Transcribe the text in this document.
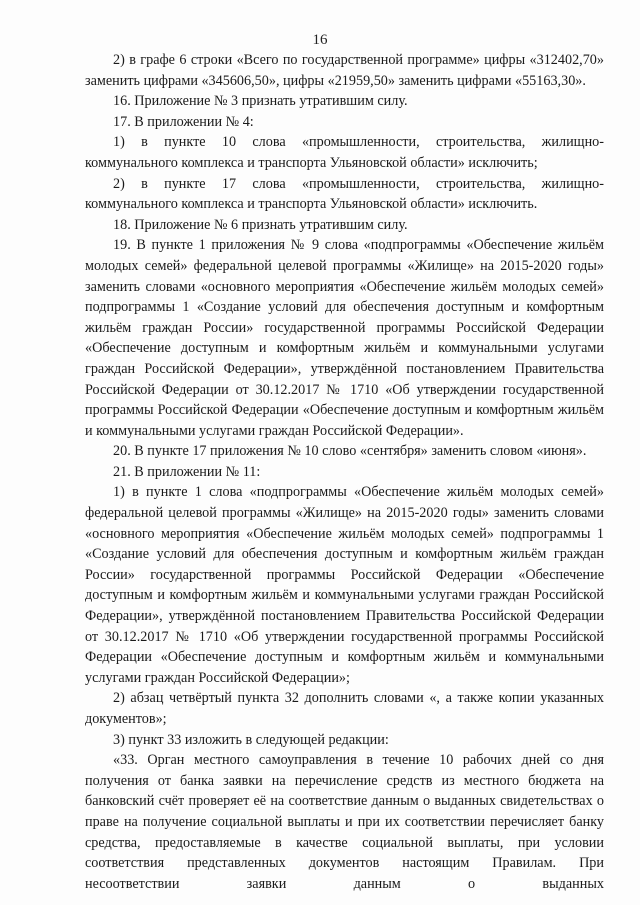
16

2) в графе 6 строки «Всего по государственной программе» цифры «312402,70» заменить цифрами «345606,50», цифры «21959,50» заменить цифрами «55163,30».

16. Приложение № 3 признать утратившим силу.

17. В приложении № 4:

1) в пункте 10 слова «промышленности, строительства, жилищно-коммунального комплекса и транспорта Ульяновской области» исключить;

2) в пункте 17 слова «промышленности, строительства, жилищно-коммунального комплекса и транспорта Ульяновской области» исключить.

18. Приложение № 6 признать утратившим силу.

19. В пункте 1 приложения № 9 слова «подпрограммы «Обеспечение жильём молодых семей» федеральной целевой программы «Жилище» на 2015-2020 годы» заменить словами «основного мероприятия «Обеспечение жильём молодых семей» подпрограммы 1 «Создание условий для обеспечения доступным и комфортным жильём граждан России» государственной программы Российской Федерации «Обеспечение доступным и комфортным жильём и коммунальными услугами граждан Российской Федерации», утверждённой постановлением Правительства Российской Федерации от 30.12.2017 № 1710 «Об утверждении государственной программы Российской Федерации «Обеспечение доступным и комфортным жильём и коммунальными услугами граждан Российской Федерации».

20. В пункте 17 приложения № 10 слово «сентября» заменить словом «июня».

21. В приложении № 11:

1) в пункте 1 слова «подпрограммы «Обеспечение жильём молодых семей» федеральной целевой программы «Жилище» на 2015-2020 годы» заменить словами «основного мероприятия «Обеспечение жильём молодых семей» подпрограммы 1 «Создание условий для обеспечения доступным и комфортным жильём граждан России» государственной программы Российской Федерации «Обеспечение доступным и комфортным жильём и коммунальными услугами граждан Российской Федерации», утверждённой постановлением Правительства Российской Федерации от 30.12.2017 № 1710 «Об утверждении государственной программы Российской Федерации «Обеспечение доступным и комфортным жильём и коммунальными услугами граждан Российской Федерации»;

2) абзац четвёртый пункта 32 дополнить словами «, а также копии указанных документов»;

3) пункт 33 изложить в следующей редакции:

«33. Орган местного самоуправления в течение 10 рабочих дней со дня получения от банка заявки на перечисление средств из местного бюджета на банковский счёт проверяет её на соответствие данным о выданных свидетельствах о праве на получение социальной выплаты и при их соответствии перечисляет банку средства, предоставляемые в качестве социальной выплаты, при условии соответствия представленных документов настоящим Правилам. При несоответствии заявки данным о выданных
